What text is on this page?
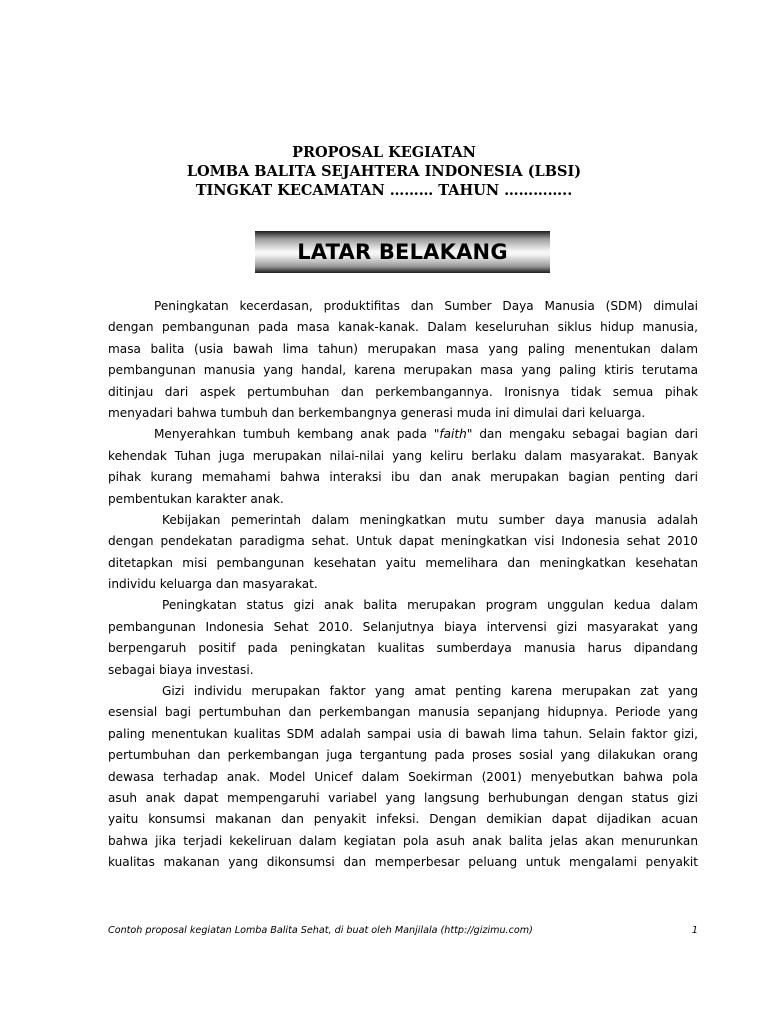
PROPOSAL KEGIATAN
LOMBA BALITA SEJAHTERA INDONESIA (LBSI)
TINGKAT KECAMATAN ……… TAHUN …………..
LATAR BELAKANG
Peningkatan kecerdasan, produktifitas dan Sumber Daya Manusia (SDM) dimulai
dengan pembangunan pada masa kanak-kanak. Dalam keseluruhan siklus hidup manusia,
masa balita (usia bawah lima tahun) merupakan masa yang paling menentukan dalam
pembangunan manusia yang handal, karena merupakan masa yang paling ktiris terutama
ditinjau dari aspek pertumbuhan dan perkembangannya. Ironisnya tidak semua pihak
menyadari bahwa tumbuh dan berkembangnya generasi muda ini dimulai dari keluarga.
Menyerahkan tumbuh kembang anak pada "faith" dan mengaku sebagai bagian dari
kehendak Tuhan juga merupakan nilai-nilai yang keliru berlaku dalam masyarakat. Banyak
pihak kurang memahami bahwa interaksi ibu dan anak merupakan bagian penting dari
pembentukan karakter anak.
Kebijakan pemerintah dalam meningkatkan mutu sumber daya manusia adalah
dengan pendekatan paradigma sehat. Untuk dapat meningkatkan visi Indonesia sehat 2010
ditetapkan misi pembangunan kesehatan yaitu memelihara dan meningkatkan kesehatan
individu keluarga dan masyarakat.
Peningkatan status gizi anak balita merupakan program unggulan kedua dalam
pembangunan Indonesia Sehat 2010. Selanjutnya biaya intervensi gizi masyarakat yang
berpengaruh positif pada peningkatan kualitas sumberdaya manusia harus dipandang
sebagai biaya investasi.
Gizi individu merupakan faktor yang amat penting karena merupakan zat yang
esensial bagi pertumbuhan dan perkembangan manusia sepanjang hidupnya. Periode yang
paling menentukan kualitas SDM adalah sampai usia di bawah lima tahun. Selain faktor gizi,
pertumbuhan dan perkembangan juga tergantung pada proses sosial yang dilakukan orang
dewasa terhadap anak. Model Unicef dalam Soekirman (2001) menyebutkan bahwa pola
asuh anak dapat mempengaruhi variabel yang langsung berhubungan dengan status gizi
yaitu konsumsi makanan dan penyakit infeksi. Dengan demikian dapat dijadikan acuan
bahwa jika terjadi kekeliruan dalam kegiatan pola asuh anak balita jelas akan menurunkan
kualitas makanan yang dikonsumsi dan memperbesar peluang untuk mengalami penyakit
Contoh proposal kegiatan Lomba Balita Sehat, di buat oleh Manjilala (http://gizimu.com)	1
